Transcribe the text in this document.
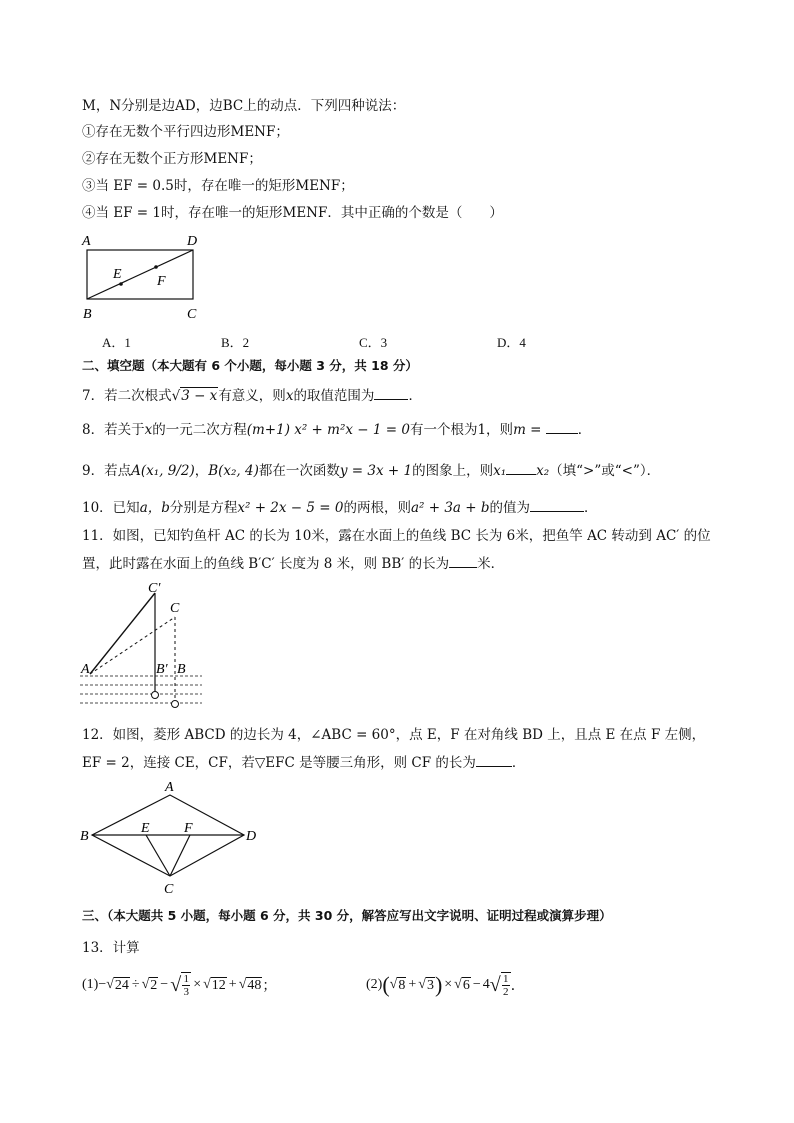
M，N分别是边AD，边BC上的动点．下列四种说法：
①存在无数个平行四边形MENF；
②存在无数个正方形MENF；
③当 EF = 0.5时，存在唯一的矩形MENF；
④当 EF = 1时，存在唯一的矩形MENF．其中正确的个数是（　　）
A	D
E	F
B	C
A．1	B．2	C．3	D．4
二、填空题（本大题有 6 个小题，每小题 3 分，共 18 分）
7．若二次根式√3 − x有意义，则x的取值范围为	．
8．若关于x的一元二次方程(m+1) x² + m²x − 1 = 0有一个根为1，则m =	．
9．若点A(x₁, 9/2)，B(x₂, 4)都在一次函数y = 3x + 1的图象上，则x₁ x₂（填“>”或“<”）．
10．已知a，b分别是方程x² + 2x − 5 = 0的两根，则a² + 3a + b的值为	．
11．如图，已知钓鱼杆 AC 的长为 10米，露在水面上的鱼线 BC 长为 6米，把鱼竿 AC 转动到 AC′ 的位
置，此时露在水面上的鱼线 B′C′ 长度为 8 米，则 BB′ 的长为 米．
C′
C
A	B′ B
12．如图，菱形 ABCD 的边长为 4，∠ABC = 60°，点 E，F 在对角线 BD 上，且点 E 在点 F 左侧，
EF = 2，连接 CE，CF，若▽EFC 是等腰三角形，则 CF 的长为	．
A
B
E F
D
C
三、（本大题共 5 小题，每小题 6 分，共 30 分，解答应写出文字说明、证明过程或演算步理）
13．计算
(1) − √ 24 ÷ √ 2 − √ $\frac{1}{3}$ × √ 12 + √ 48 ；	(2) ( √ 8 + √ 3 ) × √ 6 − 4 √ 1
2 ．
